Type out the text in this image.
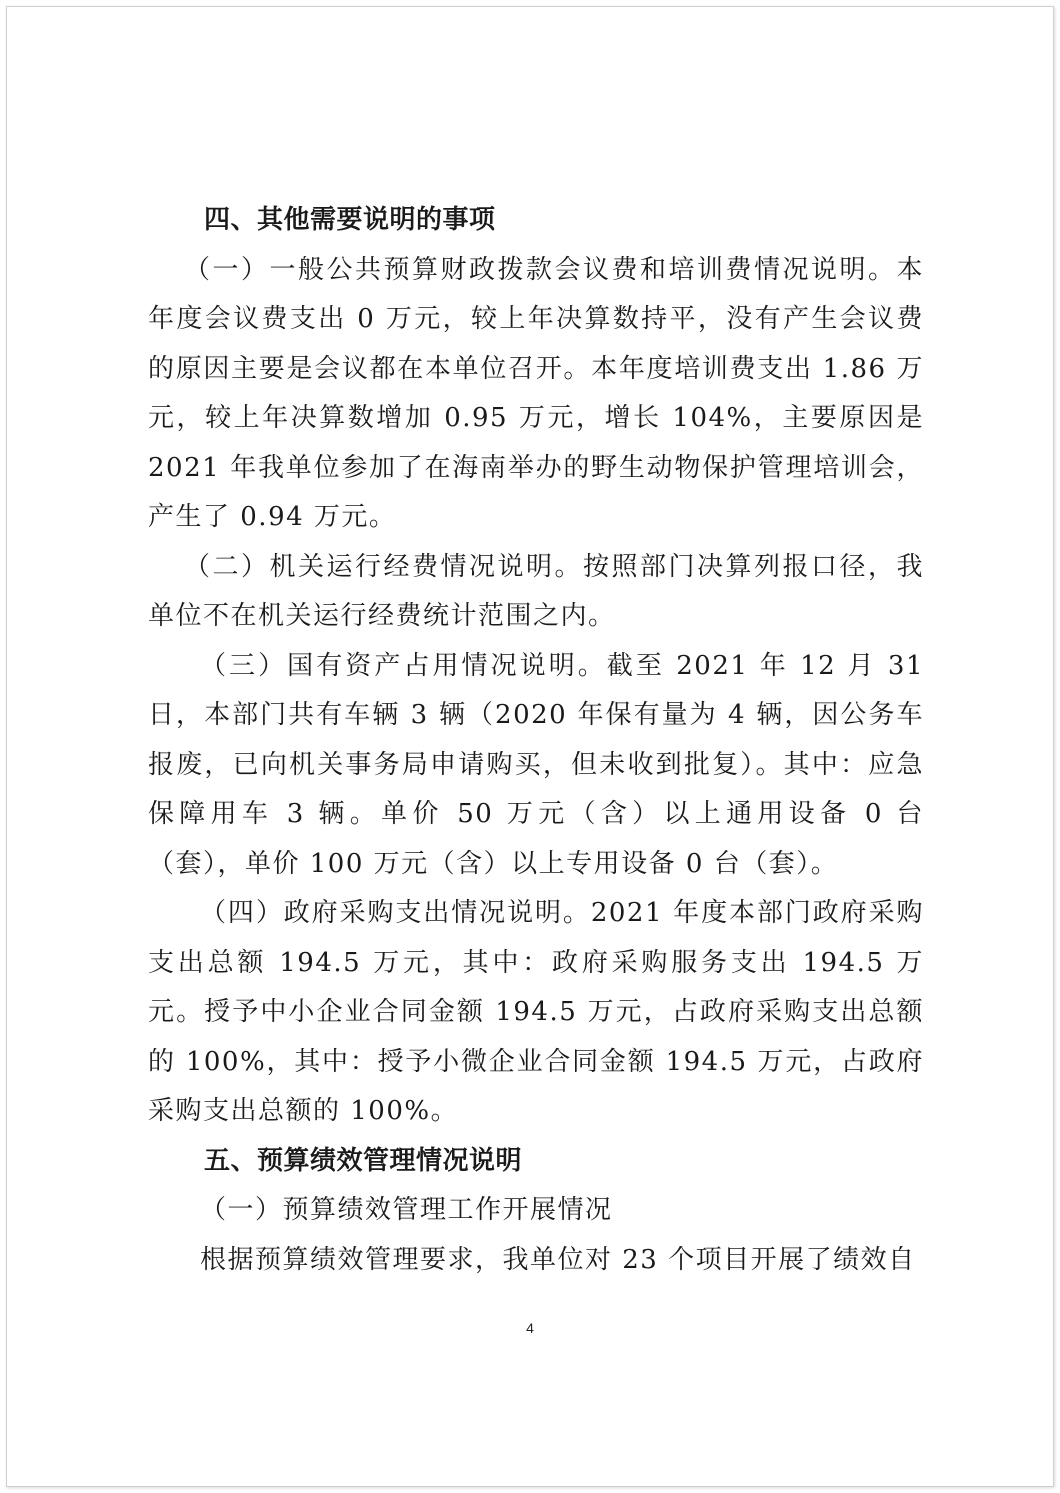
四、其他需要说明的事项

（一）一般公共预算财政拨款会议费和培训费情况说明。本年度会议费支出 0 万元，较上年决算数持平，没有产生会议费的原因主要是会议都在本单位召开。本年度培训费支出 1.86 万元，较上年决算数增加 0.95 万元，增长 104%，主要原因是 2021 年我单位参加了在海南举办的野生动物保护管理培训会，产生了 0.94 万元。

（二）机关运行经费情况说明。按照部门决算列报口径，我单位不在机关运行经费统计范围之内。

（三）国有资产占用情况说明。截至 2021 年 12 月 31 日，本部门共有车辆 3 辆（2020 年保有量为 4 辆，因公务车报废，已向机关事务局申请购买，但未收到批复）。其中：应急保障用车 3 辆。单价 50 万元（含）以上通用设备 0 台（套），单价 100 万元（含）以上专用设备 0 台（套）。

（四）政府采购支出情况说明。2021 年度本部门政府采购支出总额 194.5 万元，其中：政府采购服务支出 194.5 万元。授予中小企业合同金额 194.5 万元，占政府采购支出总额的 100%，其中：授予小微企业合同金额 194.5 万元，占政府采购支出总额的 100%。

五、预算绩效管理情况说明

（一）预算绩效管理工作开展情况

根据预算绩效管理要求，我单位对 23 个项目开展了绩效自

4
